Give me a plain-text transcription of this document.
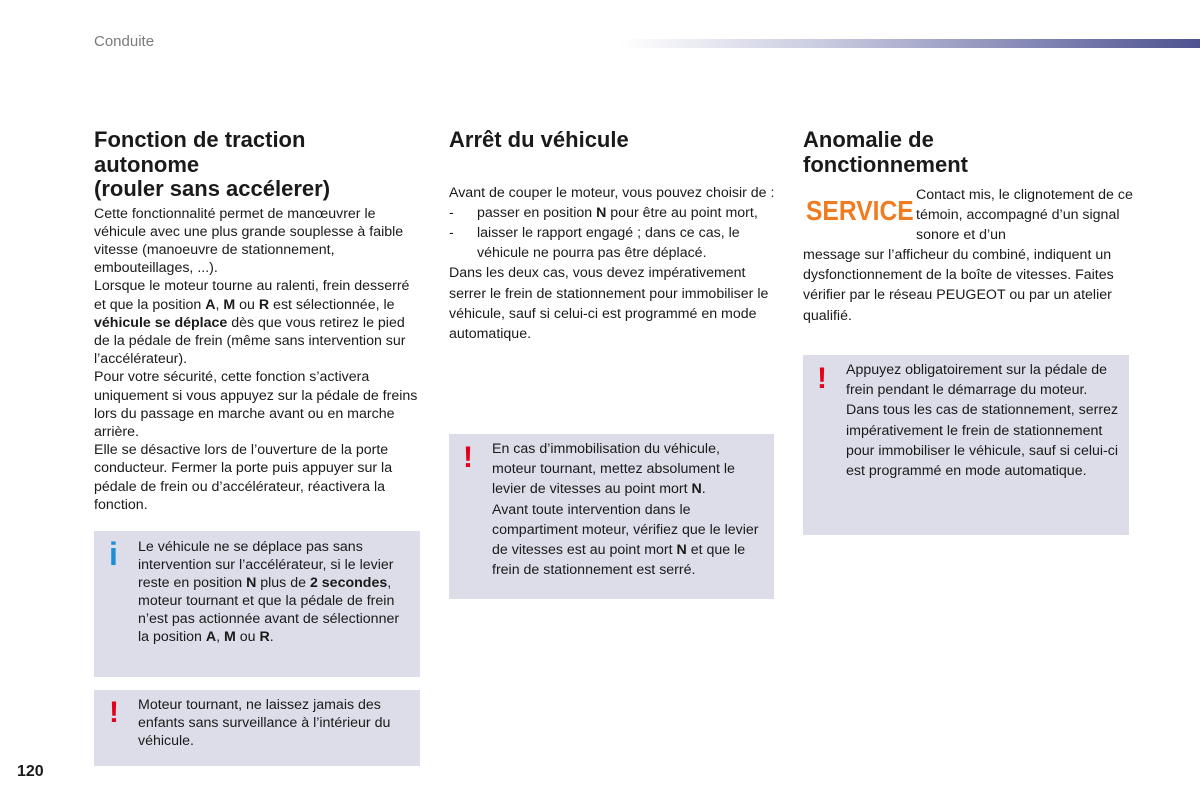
Conduite
Fonction de traction
autonome
(rouler sans accélerer)

Cette fonctionnalité permet de manœuvrer le véhicule avec une plus grande souplesse à faible vitesse (manoeuvre de stationnement, embouteillages, ...).

Lorsque le moteur tourne au ralenti, frein desserré et que la position A, M ou R est sélectionnée, le véhicule se déplace dès que vous retirez le pied de la pédale de frein (même sans intervention sur l’accélérateur).

Pour votre sécurité, cette fonction s’activera uniquement si vous appuyez sur la pédale de freins lors du passage en marche avant ou en marche arrière.

Elle se désactive lors de l’ouverture de la porte conducteur. Fermer la porte puis appuyer sur la pédale de frein ou d’accélérateur, réactivera la fonction.

i Le véhicule ne se déplace pas sans intervention sur l’accélérateur, si le levier reste en position N plus de 2 secondes, moteur tournant et que la pédale de frein n’est pas actionnée avant de sélectionner la position A, M ou R.
! Moteur tournant, ne laissez jamais des enfants sans surveillance à l’intérieur du véhicule.
Arrêt du véhicule

Avant de couper le moteur, vous pouvez choisir de :

-	passer en position N pour être au point mort,
-	laisser le rapport engagé ; dans ce cas, le véhicule ne pourra pas être déplacé.

Dans les deux cas, vous devez impérativement serrer le frein de stationnement pour immobiliser le véhicule, sauf si celui-ci est programmé en mode automatique.

! En cas d’immobilisation du véhicule, moteur tournant, mettez absolument le levier de vitesses au point mort N.
Avant toute intervention dans le compartiment moteur, vérifiez que le levier de vitesses est au point mort N et que le frein de stationnement est serré.
Anomalie de
fonctionnement
SERVICE Contact mis, le clignotement de ce témoin, accompagné d’un signal sonore et d’un
message sur l’afficheur du combiné, indiquent un dysfonctionnement de la boîte de vitesses. Faites vérifier par le réseau PEUGEOT ou par un atelier qualifié.
! Appuyez obligatoirement sur la pédale de frein pendant le démarrage du moteur.
Dans tous les cas de stationnement, serrez impérativement le frein de stationnement pour immobiliser le véhicule, sauf si celui-ci est programmé en mode automatique.
120
